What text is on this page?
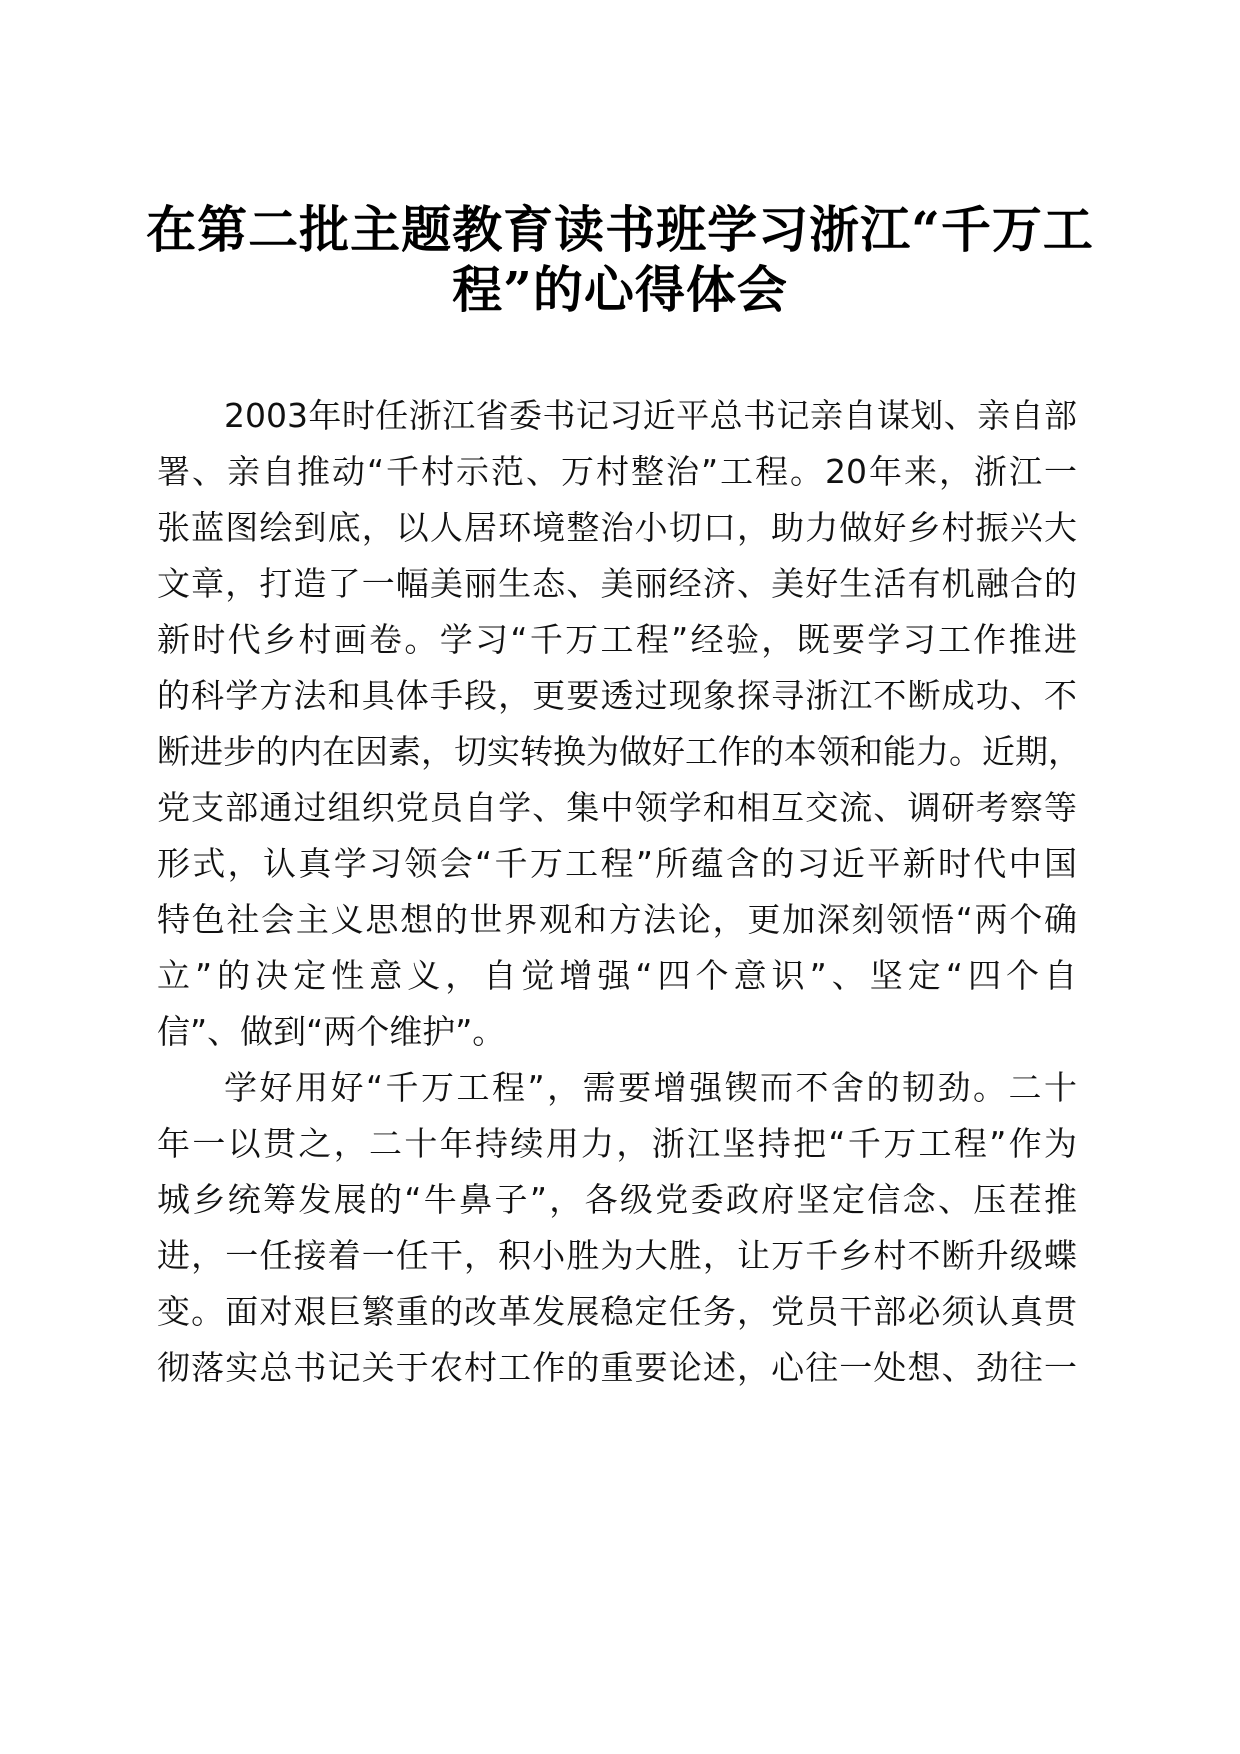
在第二批主题教育读书班学习浙江“千万工
程”的心得体会
2003年时任浙江省委书记习近平总书记亲自谋划、亲自部
署、亲自推动“千村示范、万村整治”工程。20年来，浙江一
张蓝图绘到底，以人居环境整治小切口，助力做好乡村振兴大
文章，打造了一幅美丽生态、美丽经济、美好生活有机融合的
新时代乡村画卷。学习“千万工程”经验，既要学习工作推进
的科学方法和具体手段，更要透过现象探寻浙江不断成功、不
断进步的内在因素，切实转换为做好工作的本领和能力。近期，
党支部通过组织党员自学、集中领学和相互交流、调研考察等
形式，认真学习领会“千万工程”所蕴含的习近平新时代中国
特色社会主义思想的世界观和方法论，更加深刻领悟“两个确
立”的决定性意义，自觉增强“四个意识”、坚定“四个自
信”、做到“两个维护”。
学好用好“千万工程”，需要增强锲而不舍的韧劲。二十
年一以贯之，二十年持续用力，浙江坚持把“千万工程”作为
城乡统筹发展的“牛鼻子”，各级党委政府坚定信念、压茬推
进，一任接着一任干，积小胜为大胜，让万千乡村不断升级蝶
变。面对艰巨繁重的改革发展稳定任务，党员干部必须认真贯
彻落实总书记关于农村工作的重要论述，心往一处想、劲往一
